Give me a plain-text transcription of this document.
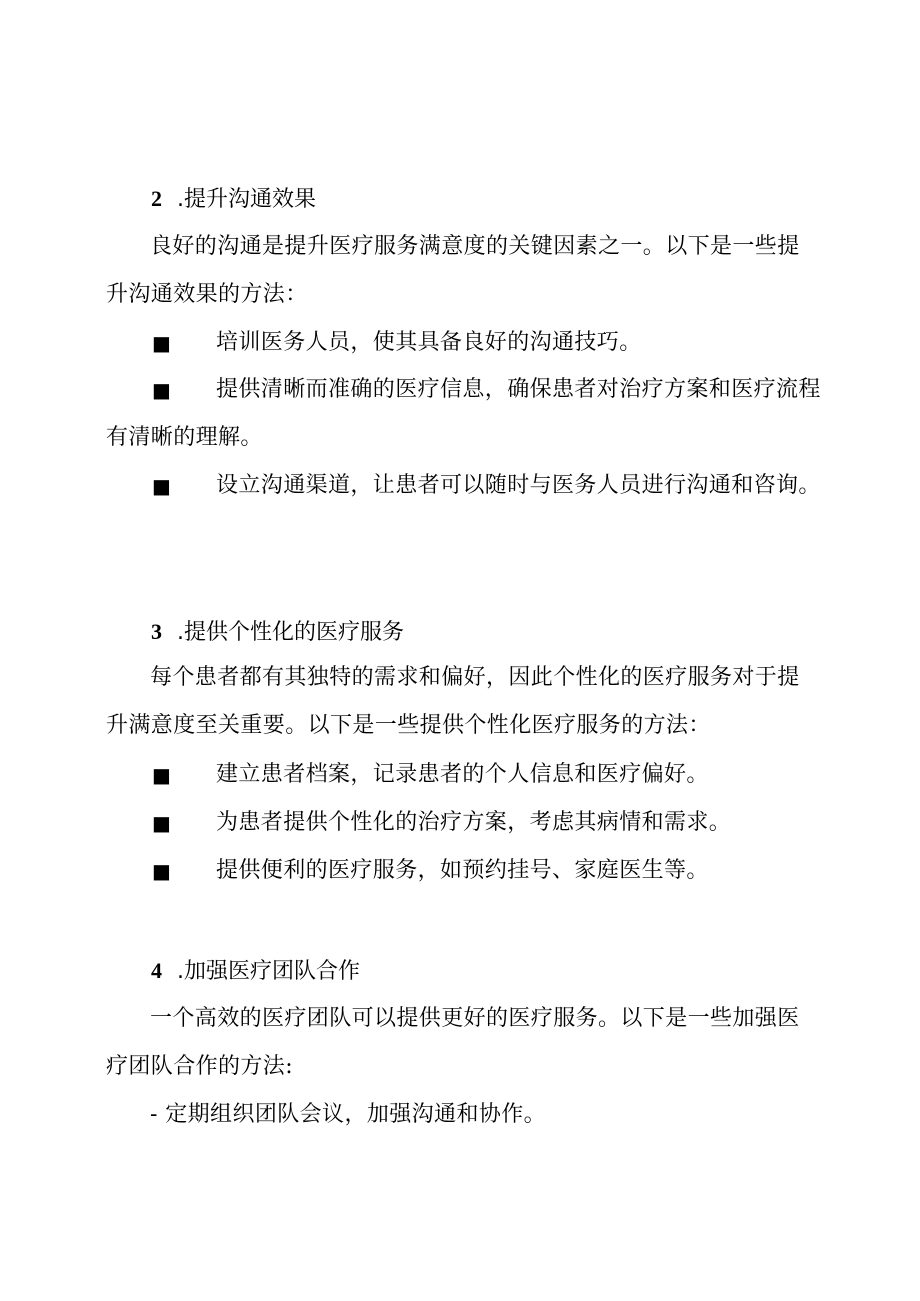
2 .提升沟通效果
良好的沟通是提升医疗服务满意度的关键因素之一。以下是一些提升沟通效果的方法：
■	培训医务人员，使其具备良好的沟通技巧。
■	提供清晰而准确的医疗信息，确保患者对治疗方案和医疗流程有清晰的理解。
■	设立沟通渠道，让患者可以随时与医务人员进行沟通和咨询。
3 .提供个性化的医疗服务
每个患者都有其独特的需求和偏好，因此个性化的医疗服务对于提升满意度至关重要。以下是一些提供个性化医疗服务的方法：
■	建立患者档案，记录患者的个人信息和医疗偏好。
■	为患者提供个性化的治疗方案，考虑其病情和需求。
■	提供便利的医疗服务，如预约挂号、家庭医生等。
4 .加强医疗团队合作
一个高效的医疗团队可以提供更好的医疗服务。以下是一些加强医疗团队合作的方法:
- 定期组织团队会议，加强沟通和协作。
